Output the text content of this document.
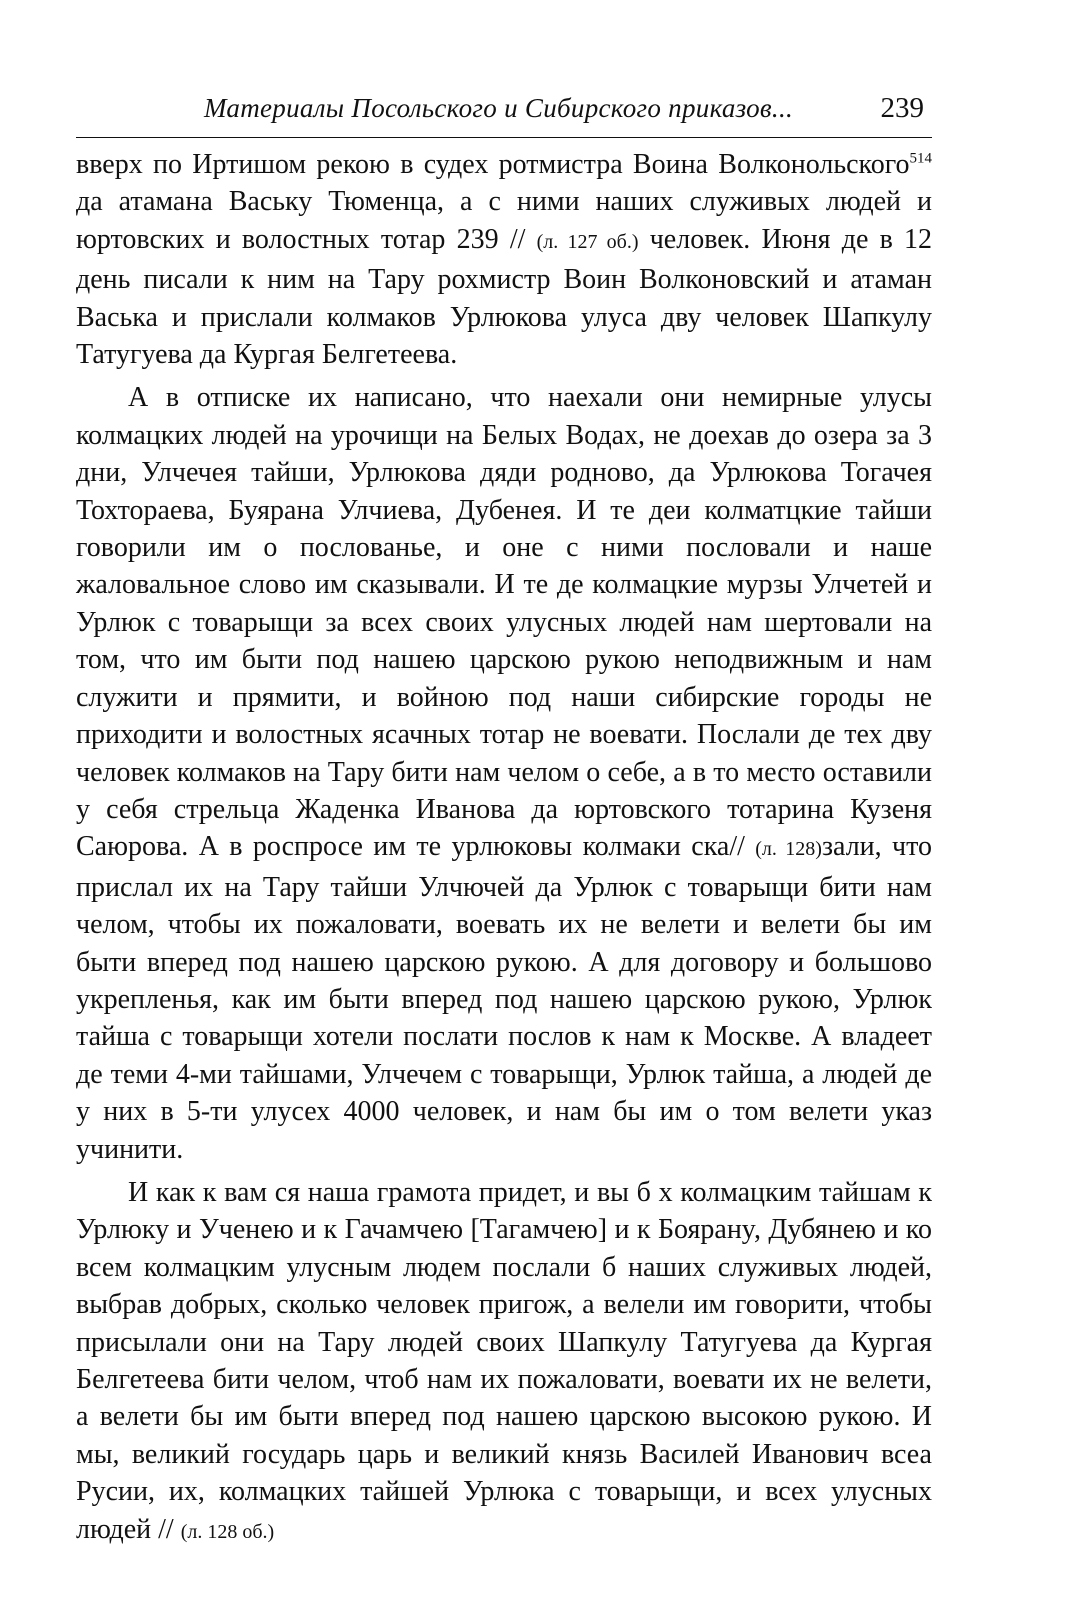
Материалы Посольского и Сибирского приказов...	239

вверх по Иртишом рекою в судех ротмистра Воина Волконольского$^{514}$ да атамана Ваську Тюменца, а с ними наших служивых людей и юртовских и волостных тотар 239 // (л. 127 об.) человек. Июня де в 12 день писали к ним на Тару рохмистр Воин Волконовский и атаман Васька и прислали колмаков Урлюкова улуса дву человек Шапкулу Татугуева да Кургая Белгетеева.

А в отписке их написано, что наехали они немирные улусы колмацких людей на урочищи на Белых Водах, не доехав до озера за 3 дни, Улчечея тайши, Урлюкова дяди родново, да Урлюкова Тогачея Тохтораева, Буярана Улчиева, Дубенея. И те деи колматцкие тайши говорили им о послованье, и оне с ними пословали и наше жаловальное слово им сказывали. И те де колмацкие мурзы Улчетей и Урлюк с товарыщи за всех своих улусных людей нам шертовали на том, что им быти под нашею царскою рукою неподвижным и нам служити и прямити, и войною под наши сибирские городы не приходити и волостных ясачных тотар не воевати. Послали де тех дву человек колмаков на Тару бити нам челом о себе, а в то место оставили у себя стрельца Жаденка Иванова да юртовского тотарина Кузеня Саюрова. А в роспросе им те урлюковы колмаки ска// (л. 128)зали, что прислал их на Тару тайши Улчючей да Урлюк с товарыщи бити нам челом, чтобы их пожаловати, воевать их не велети и велети бы им быти вперед под нашею царскою рукою. А для договору и большово укрепленья, как им быти вперед под нашею царскою рукою, Урлюк тайша с товарыщи хотели послати послов к нам к Москве. А владеет де теми 4-ми тайшами, Улчечем с товарыщи, Урлюк тайша, а людей де у них в 5-ти улусех 4000 человек, и нам бы им о том велети указ учинити.

И как к вам ся наша грамота придет, и вы б х колмацким тайшам к Урлюку и Ученею и к Гачамчею [Тагамчею] и к Бояранy, Дубянею и ко всем колмацким улусным людем послали б наших служивых людей, выбрав добрых, сколько человек пригож, а велели им говорити, чтобы присылали они на Тару людей своих Шапкулу Татугуева да Кургая Белгетеева бити челом, чтоб нам их пожаловати, воевати их не велети, а велети бы им быти вперед под нашею царскою высокою рукою. И мы, великий государь царь и великий князь Василей Иванович всеа Русии, их, колмацких тайшей Урлюка с товарыщи, и всех улусных людей // (л. 128 об.)
